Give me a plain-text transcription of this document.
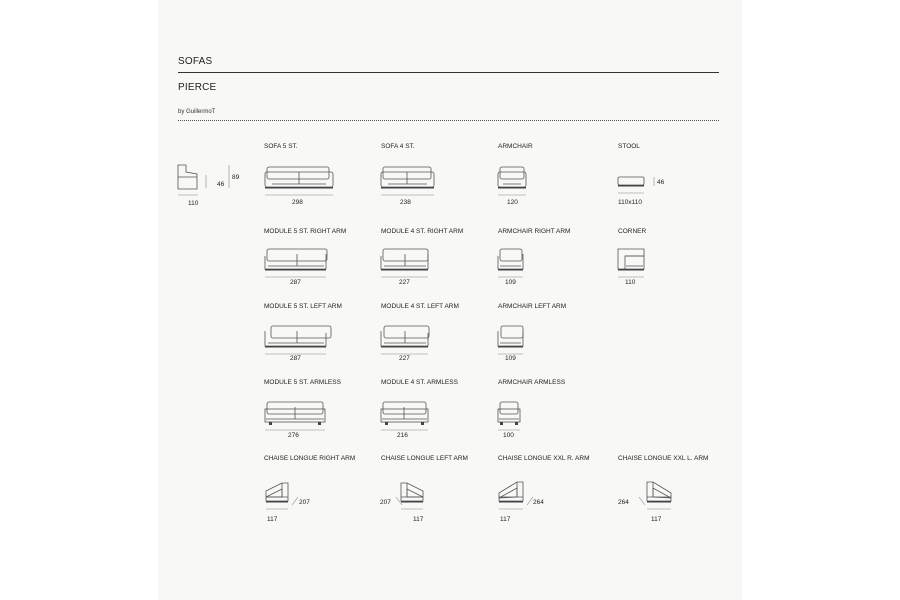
SOFAS
PIERCE
by GuillermoT
46
89
110
SOFA 5 ST.
298
SOFA 4 ST.
238
ARMCHAIR
120
STOOL
46
110x110
MODULE 5 ST. RIGHT ARM
287
MODULE 4 ST. RIGHT ARM
227
ARMCHAIR RIGHT ARM
109
CORNER
110
MODULE 5 ST. LEFT ARM
287
MODULE 4 ST. LEFT ARM
227
ARMCHAIR LEFT ARM
109
MODULE 5 ST. ARMLESS
276
MODULE 4 ST. ARMLESS
216
ARMCHAIR ARMLESS
100
CHAISE LONGUE RIGHT ARM
207
117
CHAISE LONGUE LEFT ARM
207
117
CHAISE LONGUE XXL R. ARM
264
117
CHAISE LONGUE XXL L. ARM
264
117
